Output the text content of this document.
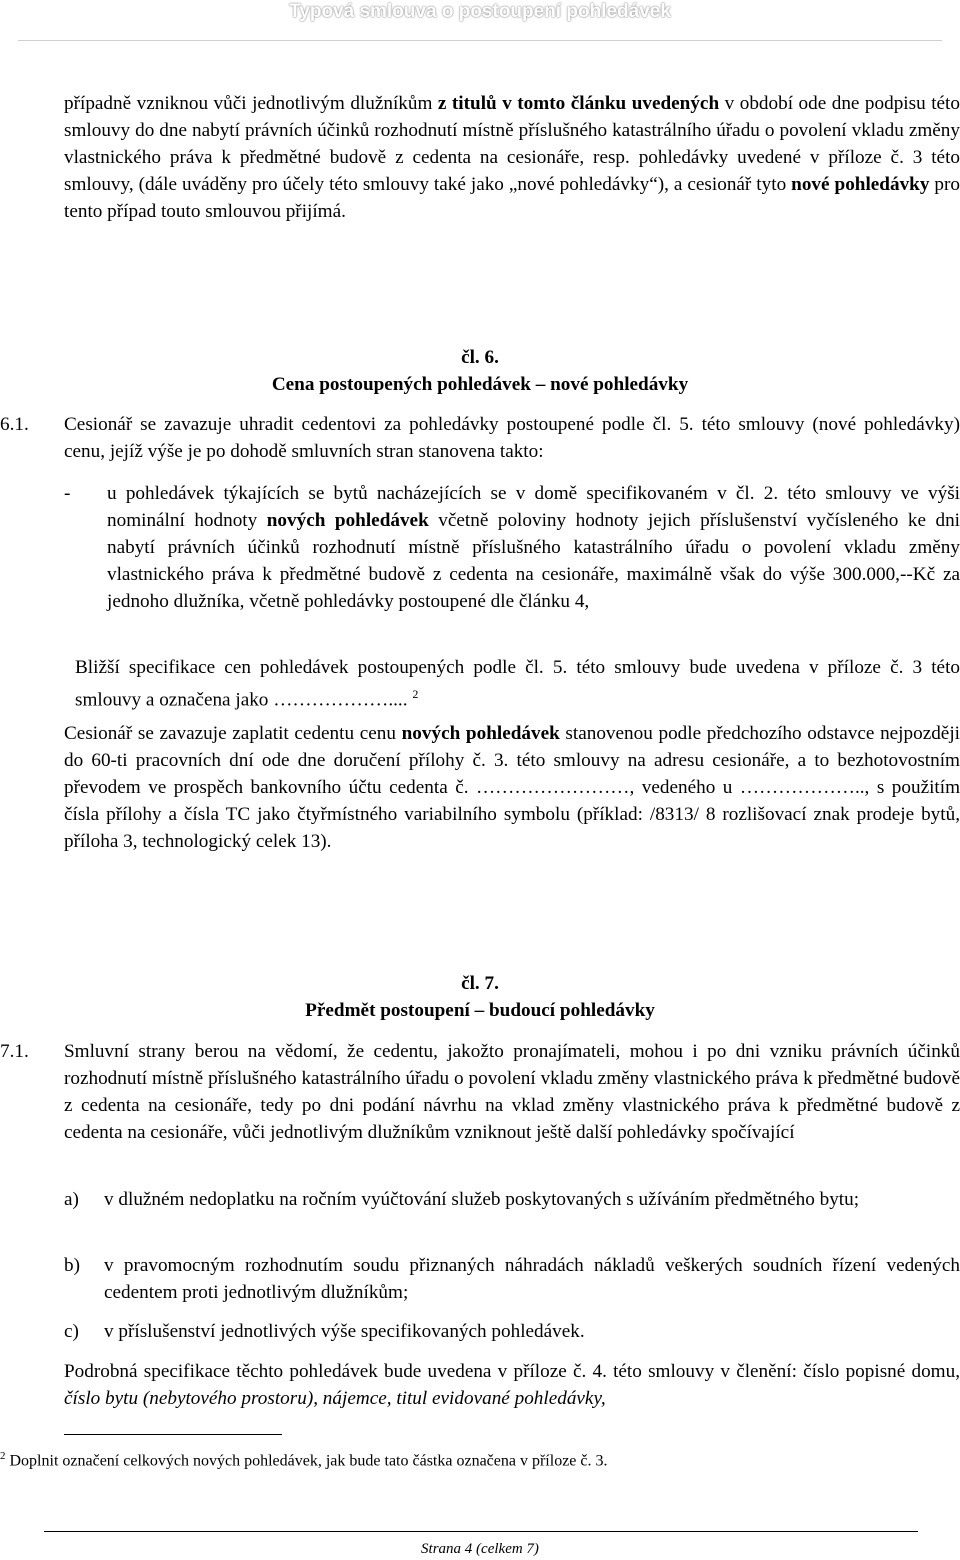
Typová smlouva o postoupení pohledávek
případně vzniknou vůči jednotlivým dlužníkům z titulů v tomto článku uvedených v období ode dne podpisu této smlouvy do dne nabytí právních účinků rozhodnutí místně příslušného katastrálního úřadu o povolení vkladu změny vlastnického práva k předmětné budově z cedenta na cesionáře, resp. pohledávky uvedené v příloze č. 3 této smlouvy, (dále uváděny pro účely této smlouvy také jako „nové pohledávky“), a cesionář tyto nové pohledávky pro tento případ touto smlouvou přijímá.
čl. 6.
Cena postoupených pohledávek – nové pohledávky
6.1. Cesionář se zavazuje uhradit cedentovi za pohledávky postoupené podle čl. 5. této smlouvy (nové pohledávky) cenu, jejíž výše je po dohodě smluvních stran stanovena takto:
- u pohledávek týkajících se bytů nacházejících se v domě specifikovaném v čl. 2. této smlouvy ve výši nominální hodnoty nových pohledávek včetně poloviny hodnoty jejich příslušenství vyčísleného ke dni nabytí právních účinků rozhodnutí místně příslušného katastrálního úřadu o povolení vkladu změny vlastnického práva k předmětné budově z cedenta na cesionáře, maximálně však do výše 300.000,--Kč za jednoho dlužníka, včetně pohledávky postoupené dle článku 4,
Bližší specifikace cen pohledávek postoupených podle čl. 5. této smlouvy bude uvedena v příloze č. 3 této smlouvy a označena jako ……………….... $^2$
Cesionář se zavazuje zaplatit cedentu cenu nových pohledávek stanovenou podle předchozího odstavce nejpozději do 60-ti pracovních dní ode dne doručení přílohy č. 3. této smlouvy na adresu cesionáře, a to bezhotovostním převodem ve prospěch bankovního účtu cedenta č. ……………………, vedeného u ……………….., s použitím čísla přílohy a čísla TC jako čtyřmístného variabilního symbolu (příklad: /8313/ 8 rozlišovací znak prodeje bytů, příloha 3, technologický celek 13).
čl. 7.
Předmět postoupení – budoucí pohledávky
7.1. Smluvní strany berou na vědomí, že cedentu, jakožto pronajímateli, mohou i po dni vzniku právních účinků rozhodnutí místně příslušného katastrálního úřadu o povolení vkladu změny vlastnického práva k předmětné budově z cedenta na cesionáře, tedy po dni podání návrhu na vklad změny vlastnického práva k předmětné budově z cedenta na cesionáře, vůči jednotlivým dlužníkům vzniknout ještě další pohledávky spočívající
a) v dlužném nedoplatku na ročním vyúčtování služeb poskytovaných s užíváním předmětného bytu;
b) v pravomocným rozhodnutím soudu přiznaných náhradách nákladů veškerých soudních řízení vedených cedentem proti jednotlivým dlužníkům;
c) v příslušenství jednotlivých výše specifikovaných pohledávek.
Podrobná specifikace těchto pohledávek bude uvedena v příloze č. 4. této smlouvy v členění: číslo popisné domu, číslo bytu (nebytového prostoru), nájemce, titul evidované pohledávky,
$^2$ Doplnit označení celkových nových pohledávek, jak bude tato částka označena v příloze č. 3.
Strana 4 (celkem 7)
